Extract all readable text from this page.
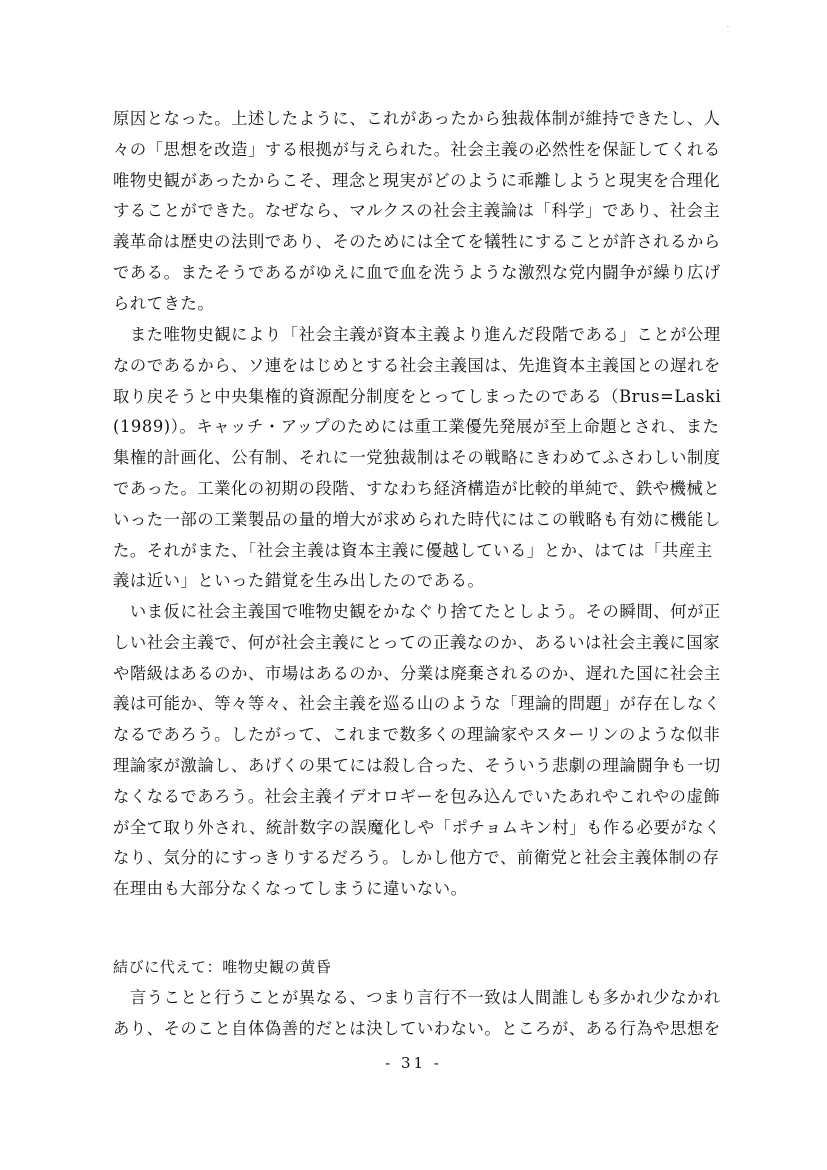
.

原因となった。上述したように、これがあったから独裁体制が維持できたし、人
々の「思想を改造」する根拠が与えられた。社会主義の必然性を保証してくれる
唯物史観があったからこそ、理念と現実がどのように乖離しようと現実を合理化
することができた。なぜなら、マルクスの社会主義論は「科学」であり、社会主
義革命は歴史の法則であり、そのためには全てを犠牲にすることが許されるから
である。またそうであるがゆえに血で血を洗うような激烈な党内闘争が繰り広げ
られてきた。

　また唯物史観により「社会主義が資本主義より進んだ段階である」ことが公理
なのであるから、ソ連をはじめとする社会主義国は、先進資本主義国との遅れを
取り戻そうと中央集権的資源配分制度をとってしまったのである（Brus=Laski
(1989)）。キャッチ・アップのためには重工業優先発展が至上命題とされ、また
集権的計画化、公有制、それに一党独裁制はその戦略にきわめてふさわしい制度
であった。工業化の初期の段階、すなわち経済構造が比較的単純で、鉄や機械と
いった一部の工業製品の量的増大が求められた時代にはこの戦略も有効に機能し
た。それがまた、「社会主義は資本主義に優越している」とか、はては「共産主
義は近い」といった錯覚を生み出したのである。

　いま仮に社会主義国で唯物史観をかなぐり捨てたとしよう。その瞬間、何が正
しい社会主義で、何が社会主義にとっての正義なのか、あるいは社会主義に国家
や階級はあるのか、市場はあるのか、分業は廃棄されるのか、遅れた国に社会主
義は可能か、等々等々、社会主義を巡る山のような「理論的問題」が存在しなく
なるであろう。したがって、これまで数多くの理論家やスターリンのような似非
理論家が激論し、あげくの果てには殺し合った、そういう悲劇の理論闘争も一切
なくなるであろう。社会主義イデオロギーを包み込んでいたあれやこれやの虚飾
が全て取り外され、統計数字の誤魔化しや「ポチョムキン村」も作る必要がなく
なり、気分的にすっきりするだろう。しかし他方で、前衛党と社会主義体制の存
在理由も大部分なくなってしまうに違いない。

結びに代えて：唯物史観の黄昏

　言うことと行うことが異なる、つまり言行不一致は人間誰しも多かれ少なかれ
あり、そのこと自体偽善的だとは決していわない。ところが、ある行為や思想を

- 31 -
